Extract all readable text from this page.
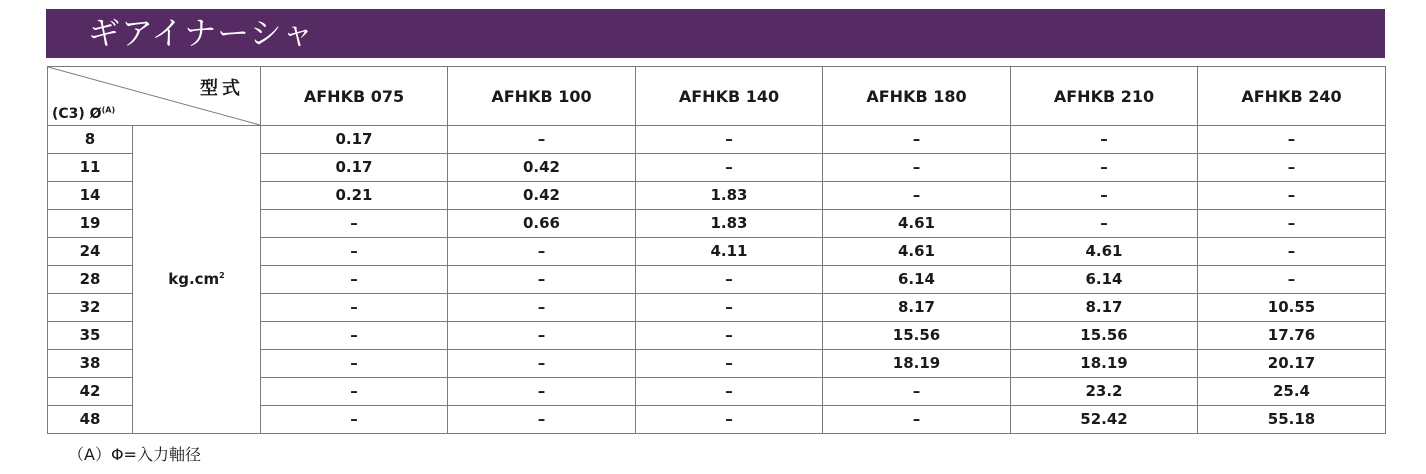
ギアイナーシャ
型式
(C3) $Ø^{(A)}$		AFHKB 075	AFHKB 100	AFHKB 140	AFHKB 180	AFHKB 210	AFHKB 240
8	$kg.cm^2$	0.17	–	–	–	–	–
11		0.17	0.42	–	–	–	–
14		0.21	0.42	1.83	–	–	–
19		–	0.66	1.83	4.61	–	–
24		–	–	4.11	4.61	4.61	–
28		–	–	–	6.14	6.14	–
32		–	–	–	8.17	8.17	10.55
35		–	–	–	15.56	15.56	17.76
38		–	–	–	18.19	18.19	20.17
42		–	–	–	–	23.2	25.4
48		–	–	–	–	52.42	55.18
（A）Φ=入力軸径
